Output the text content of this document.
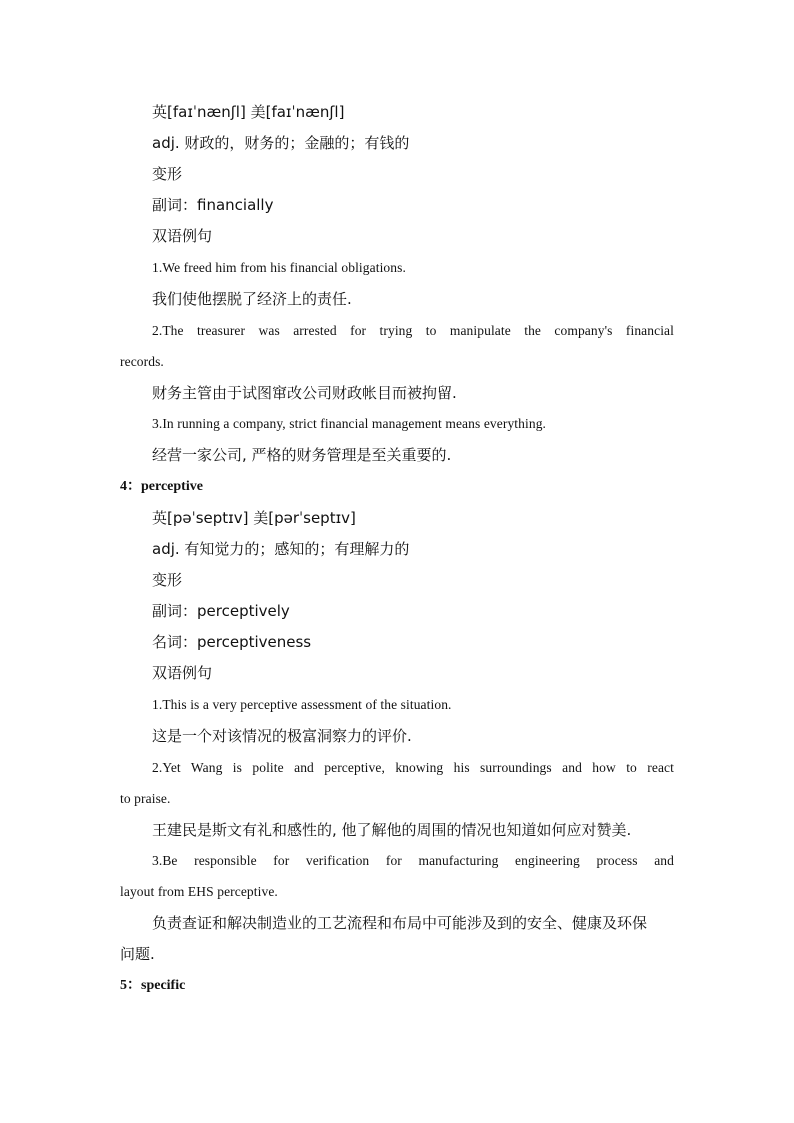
英[faɪˈnænʃl] 美[faɪˈnænʃl]
adj. 财政的，财务的；金融的；有钱的
变形
副词：financially
双语例句
1.We freed him from his financial obligations.
我们使他摆脱了经济上的责任.
2.The treasurer was arrested for trying to manipulate the company's financial
records.
财务主管由于试图窜改公司财政帐目而被拘留.
3.In running a company, strict financial management means everything.
经营一家公司, 严格的财务管理是至关重要的.
4：perceptive
英[pəˈseptɪv] 美[pərˈseptɪv]
adj. 有知觉力的；感知的；有理解力的
变形
副词：perceptively
名词：perceptiveness
双语例句
1.This is a very perceptive assessment of the situation.
这是一个对该情况的极富洞察力的评价.
2.Yet Wang is polite and perceptive, knowing his surroundings and how to react
to praise.
王建民是斯文有礼和感性的, 他了解他的周围的情况也知道如何应对赞美.
3.Be responsible for verification for manufacturing engineering process and
layout from EHS perceptive.
负责查证和解决制造业的工艺流程和布局中可能涉及到的安全、健康及环保
问题.
5：specific
